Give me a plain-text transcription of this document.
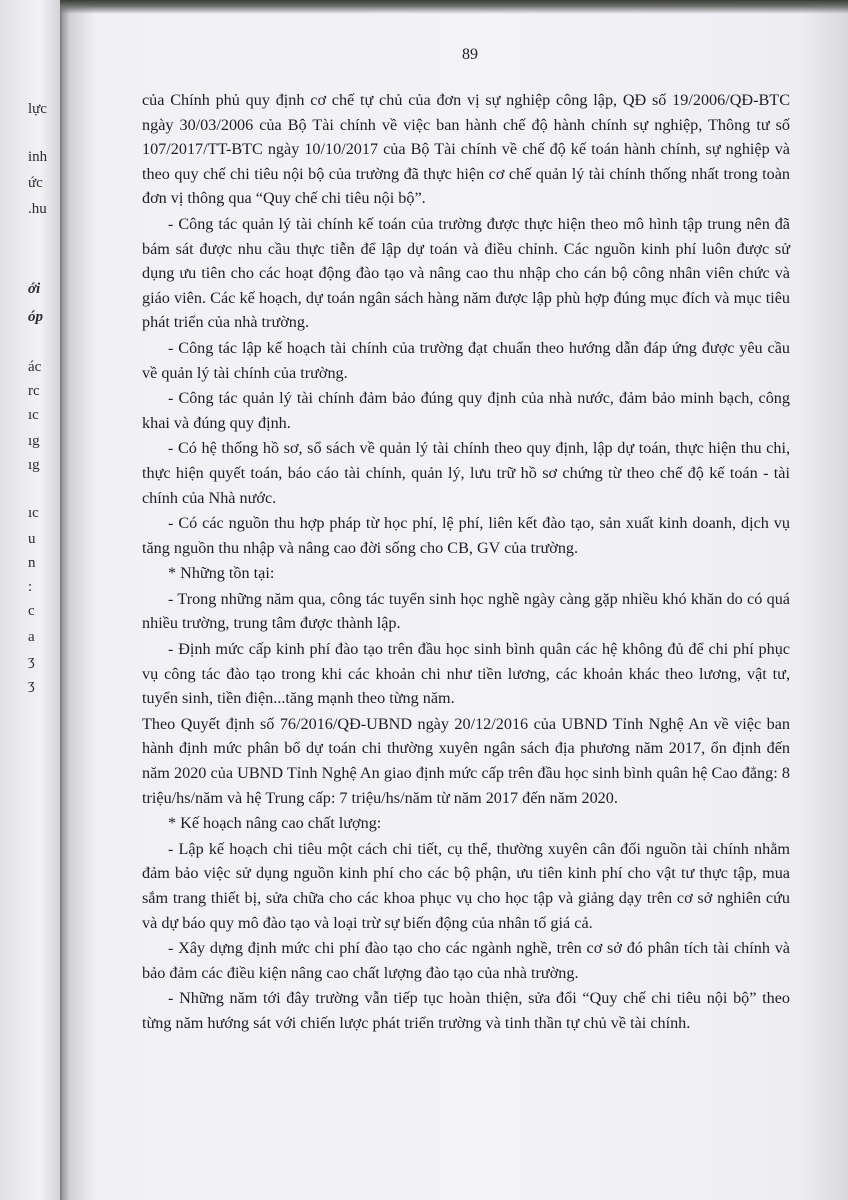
lực
inh
ức
.hu
ới
óp
ác
rc
ıc
ıg
ıg
ıc
u
n
:
c
a
ʒ
ʒ
89

của Chính phủ quy định cơ chế tự chủ của đơn vị sự nghiệp công lập, QĐ số 19/2006/QĐ-BTC ngày 30/03/2006 của Bộ Tài chính về việc ban hành chế độ hành chính sự nghiệp, Thông tư số 107/2017/TT-BTC ngày 10/10/2017 của Bộ Tài chính về chế độ kế toán hành chính, sự nghiệp và theo quy chế chi tiêu nội bộ của trường đã thực hiện cơ chế quản lý tài chính thống nhất trong toàn đơn vị thông qua “Quy chế chi tiêu nội bộ”.

- Công tác quản lý tài chính kế toán của trường được thực hiện theo mô hình tập trung nên đã bám sát được nhu cầu thực tiễn để lập dự toán và điều chỉnh. Các nguồn kinh phí luôn được sử dụng ưu tiên cho các hoạt động đào tạo và nâng cao thu nhập cho cán bộ công nhân viên chức và giáo viên. Các kế hoạch, dự toán ngân sách hàng năm được lập phù hợp đúng mục đích và mục tiêu phát triển của nhà trường.

- Công tác lập kế hoạch tài chính của trường đạt chuẩn theo hướng dẫn đáp ứng được yêu cầu về quản lý tài chính của trường.

- Công tác quản lý tài chính đảm bảo đúng quy định của nhà nước, đảm bảo minh bạch, công khai và đúng quy định.

- Có hệ thống hồ sơ, sổ sách về quản lý tài chính theo quy định, lập dự toán, thực hiện thu chi, thực hiện quyết toán, báo cáo tài chính, quản lý, lưu trữ hồ sơ chứng từ theo chế độ kế toán - tài chính của Nhà nước.

- Có các nguồn thu hợp pháp từ học phí, lệ phí, liên kết đào tạo, sản xuất kinh doanh, dịch vụ tăng nguồn thu nhập và nâng cao đời sống cho CB, GV của trường.

* Những tồn tại:

- Trong những năm qua, công tác tuyển sinh học nghề ngày càng gặp nhiều khó khăn do có quá nhiều trường, trung tâm được thành lập.

- Định mức cấp kinh phí đào tạo trên đầu học sinh bình quân các hệ không đủ để chi phí phục vụ công tác đào tạo trong khi các khoản chi như tiền lương, các khoản khác theo lương, vật tư, tuyển sinh, tiền điện...tăng mạnh theo từng năm.

Theo Quyết định số 76/2016/QĐ-UBND ngày 20/12/2016 của UBND Tỉnh Nghệ An về việc ban hành định mức phân bổ dự toán chi thường xuyên ngân sách địa phương năm 2017, ổn định đến năm 2020 của UBND Tỉnh Nghệ An giao định mức cấp trên đầu học sinh bình quân hệ Cao đẳng: 8 triệu/hs/năm và hệ Trung cấp: 7 triệu/hs/năm từ năm 2017 đến năm 2020.

* Kế hoạch nâng cao chất lượng:

- Lập kế hoạch chi tiêu một cách chi tiết, cụ thể, thường xuyên cân đối nguồn tài chính nhằm đảm bảo việc sử dụng nguồn kinh phí cho các bộ phận, ưu tiên kinh phí cho vật tư thực tập, mua sắm trang thiết bị, sửa chữa cho các khoa phục vụ cho học tập và giảng dạy trên cơ sở nghiên cứu và dự báo quy mô đào tạo và loại trừ sự biến động của nhân tố giá cả.

- Xây dựng định mức chi phí đào tạo cho các ngành nghề, trên cơ sở đó phân tích tài chính và bảo đảm các điều kiện nâng cao chất lượng đào tạo của nhà trường.

- Những năm tới đây trường vẫn tiếp tục hoàn thiện, sửa đổi “Quy chế chi tiêu nội bộ” theo từng năm hướng sát với chiến lược phát triển trường và tinh thần tự chủ về tài chính.
